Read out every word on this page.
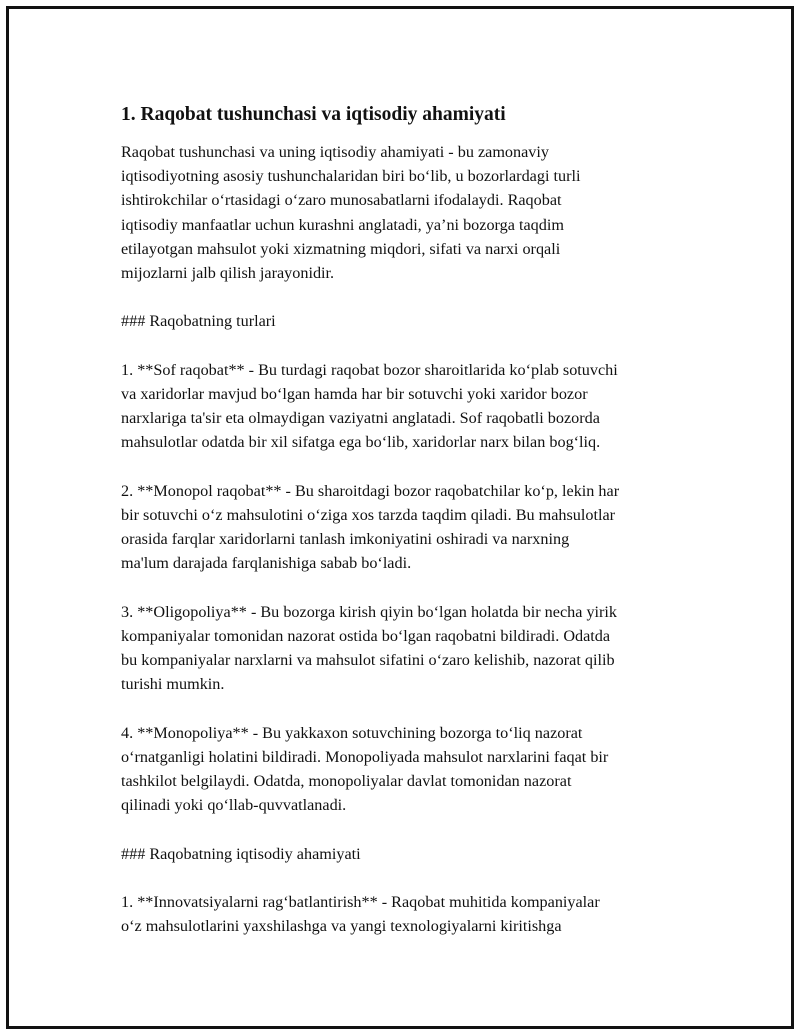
1. Raqobat tushunchasi va iqtisodiy ahamiyati
Raqobat tushunchasi va uning iqtisodiy ahamiyati - bu zamonaviy
iqtisodiyotning asosiy tushunchalaridan biri bo‘lib, u bozorlardagi turli
ishtirokchilar o‘rtasidagi o‘zaro munosabatlarni ifodalaydi. Raqobat
iqtisodiy manfaatlar uchun kurashni anglatadi, ya’ni bozorga taqdim
etilayotgan mahsulot yoki xizmatning miqdori, sifati va narxi orqali
mijozlarni jalb qilish jarayonidir.
### Raqobatning turlari
1. **Sof raqobat** - Bu turdagi raqobat bozor sharoitlarida ko‘plab sotuvchi
va xaridorlar mavjud bo‘lgan hamda har bir sotuvchi yoki xaridor bozor
narxlariga ta'sir eta olmaydigan vaziyatni anglatadi. Sof raqobatli bozorda
mahsulotlar odatda bir xil sifatga ega bo‘lib, xaridorlar narx bilan bog‘liq.
2. **Monopol raqobat** - Bu sharoitdagi bozor raqobatchilar ko‘p, lekin har
bir sotuvchi o‘z mahsulotini o‘ziga xos tarzda taqdim qiladi. Bu mahsulotlar
orasida farqlar xaridorlarni tanlash imkoniyatini oshiradi va narxning
ma'lum darajada farqlanishiga sabab bo‘ladi.
3. **Oligopoliya** - Bu bozorga kirish qiyin bo‘lgan holatda bir necha yirik
kompaniyalar tomonidan nazorat ostida bo‘lgan raqobatni bildiradi. Odatda
bu kompaniyalar narxlarni va mahsulot sifatini o‘zaro kelishib, nazorat qilib
turishi mumkin.
4. **Monopoliya** - Bu yakkaxon sotuvchining bozorga to‘liq nazorat
o‘rnatganligi holatini bildiradi. Monopoliyada mahsulot narxlarini faqat bir
tashkilot belgilaydi. Odatda, monopoliyalar davlat tomonidan nazorat
qilinadi yoki qo‘llab-quvvatlanadi.
### Raqobatning iqtisodiy ahamiyati
1. **Innovatsiyalarni rag‘batlantirish** - Raqobat muhitida kompaniyalar
o‘z mahsulotlarini yaxshilashga va yangi texnologiyalarni kiritishga
